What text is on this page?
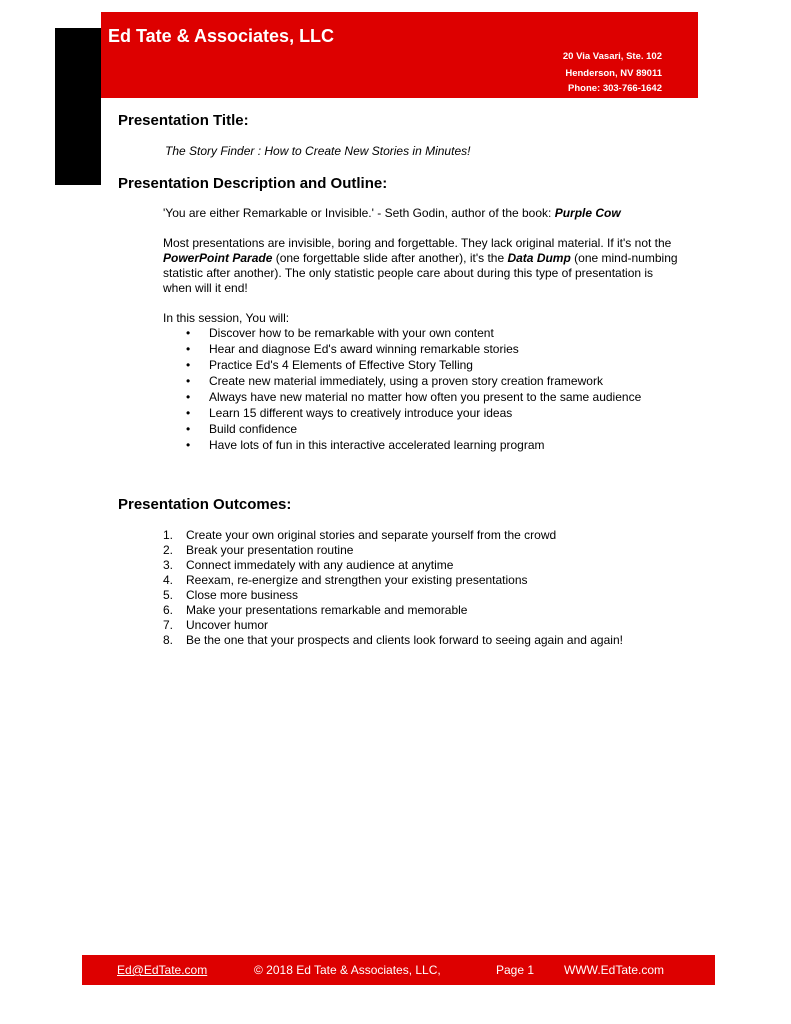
Ed Tate & Associates, LLC
20 Via Vasari, Ste. 102
Henderson, NV 89011
Phone: 303-766-1642
Presentation Title:
The Story Finder : How to Create New Stories in Minutes!
Presentation Description and Outline:
'You are either Remarkable or Invisible.' - Seth Godin, author of the book: Purple Cow
Most presentations are invisible, boring and forgettable. They lack original material. If it's not the PowerPoint Parade (one forgettable slide after another), it's the Data Dump (one mind-numbing statistic after another). The only statistic people care about during this type of presentation is when will it end!
In this session, You will:
• Discover how to be remarkable with your own content
• Hear and diagnose Ed's award winning remarkable stories
• Practice Ed's 4 Elements of Effective Story Telling
• Create new material immediately, using a proven story creation framework
• Always have new material no matter how often you present to the same audience
• Learn 15 different ways to creatively introduce your ideas
• Build confidence
• Have lots of fun in this interactive accelerated learning program
Presentation Outcomes:
1. Create your own original stories and separate yourself from the crowd
2. Break your presentation routine
3. Connect immedately with any audience at anytime
4. Reexam, re-energize and strengthen your existing presentations
5. Close more business
6. Make your presentations remarkable and memorable
7. Uncover humor
8. Be the one that your prospects and clients look forward to seeing again and again!
Ed@EdTate.com	© 2018 Ed Tate & Associates, LLC,	Page 1 WWW.EdTate.com
